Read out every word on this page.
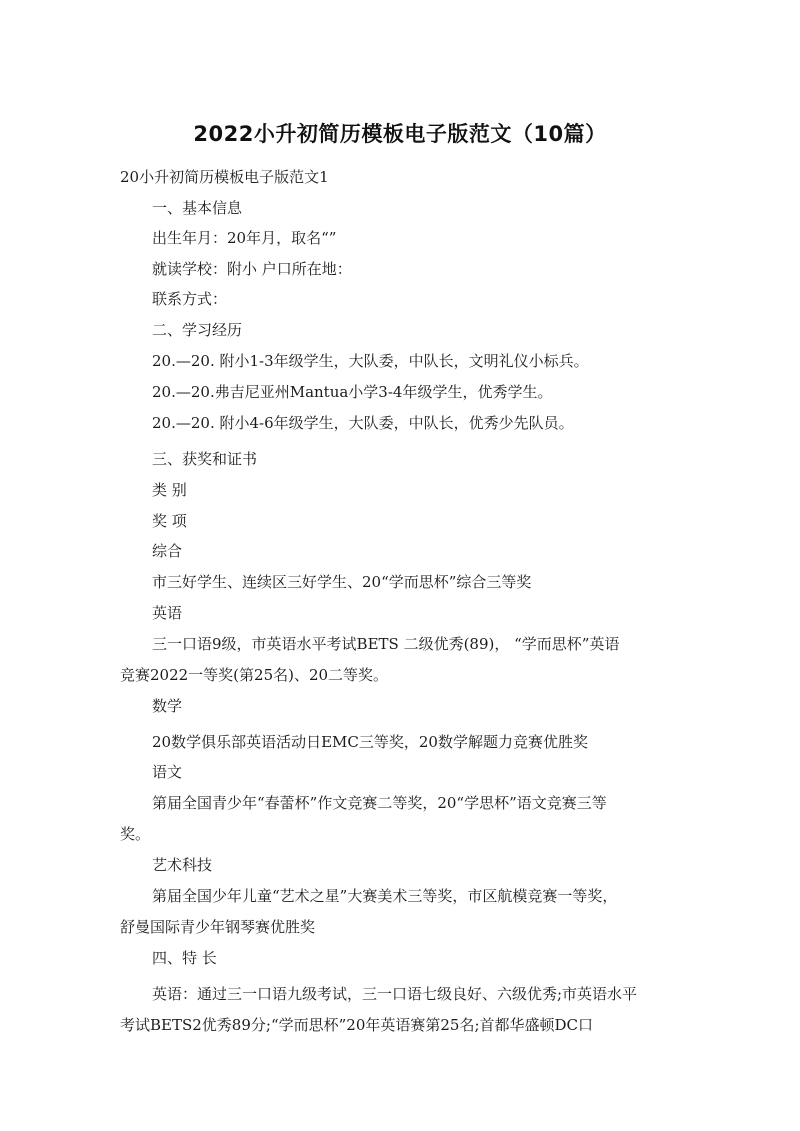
2022小升初简历模板电子版范文（10篇）
20小升初简历模板电子版范文1
一、基本信息
出生年月：20年月，取名“”
就读学校：附小 户口所在地：
联系方式：
二、学习经历
20.—20. 附小1-3年级学生，大队委，中队长，文明礼仪小标兵。
20.—20.弗吉尼亚州Mantua小学3-4年级学生，优秀学生。
20.—20. 附小4-6年级学生，大队委，中队长，优秀少先队员。
三、获奖和证书
类 别
奖 项
综合
市三好学生、连续区三好学生、20“学而思杯”综合三等奖
英语
三一口语9级，市英语水平考试BETS 二级优秀(89)， “学而思杯”英语
竞赛2022一等奖(第25名)、20二等奖。
数学
20数学俱乐部英语活动日EMC三等奖，20数学解题力竞赛优胜奖
语文
第届全国青少年“春蕾杯”作文竞赛二等奖，20“学思杯”语文竞赛三等
奖。
艺术科技
第届全国少年儿童“艺术之星”大赛美术三等奖，市区航模竞赛一等奖，
舒曼国际青少年钢琴赛优胜奖
四、特 长
英语：通过三一口语九级考试，三一口语七级良好、六级优秀;市英语水平
考试BETS2优秀89分;“学而思杯”20年英语赛第25名;首都华盛顿DC口
